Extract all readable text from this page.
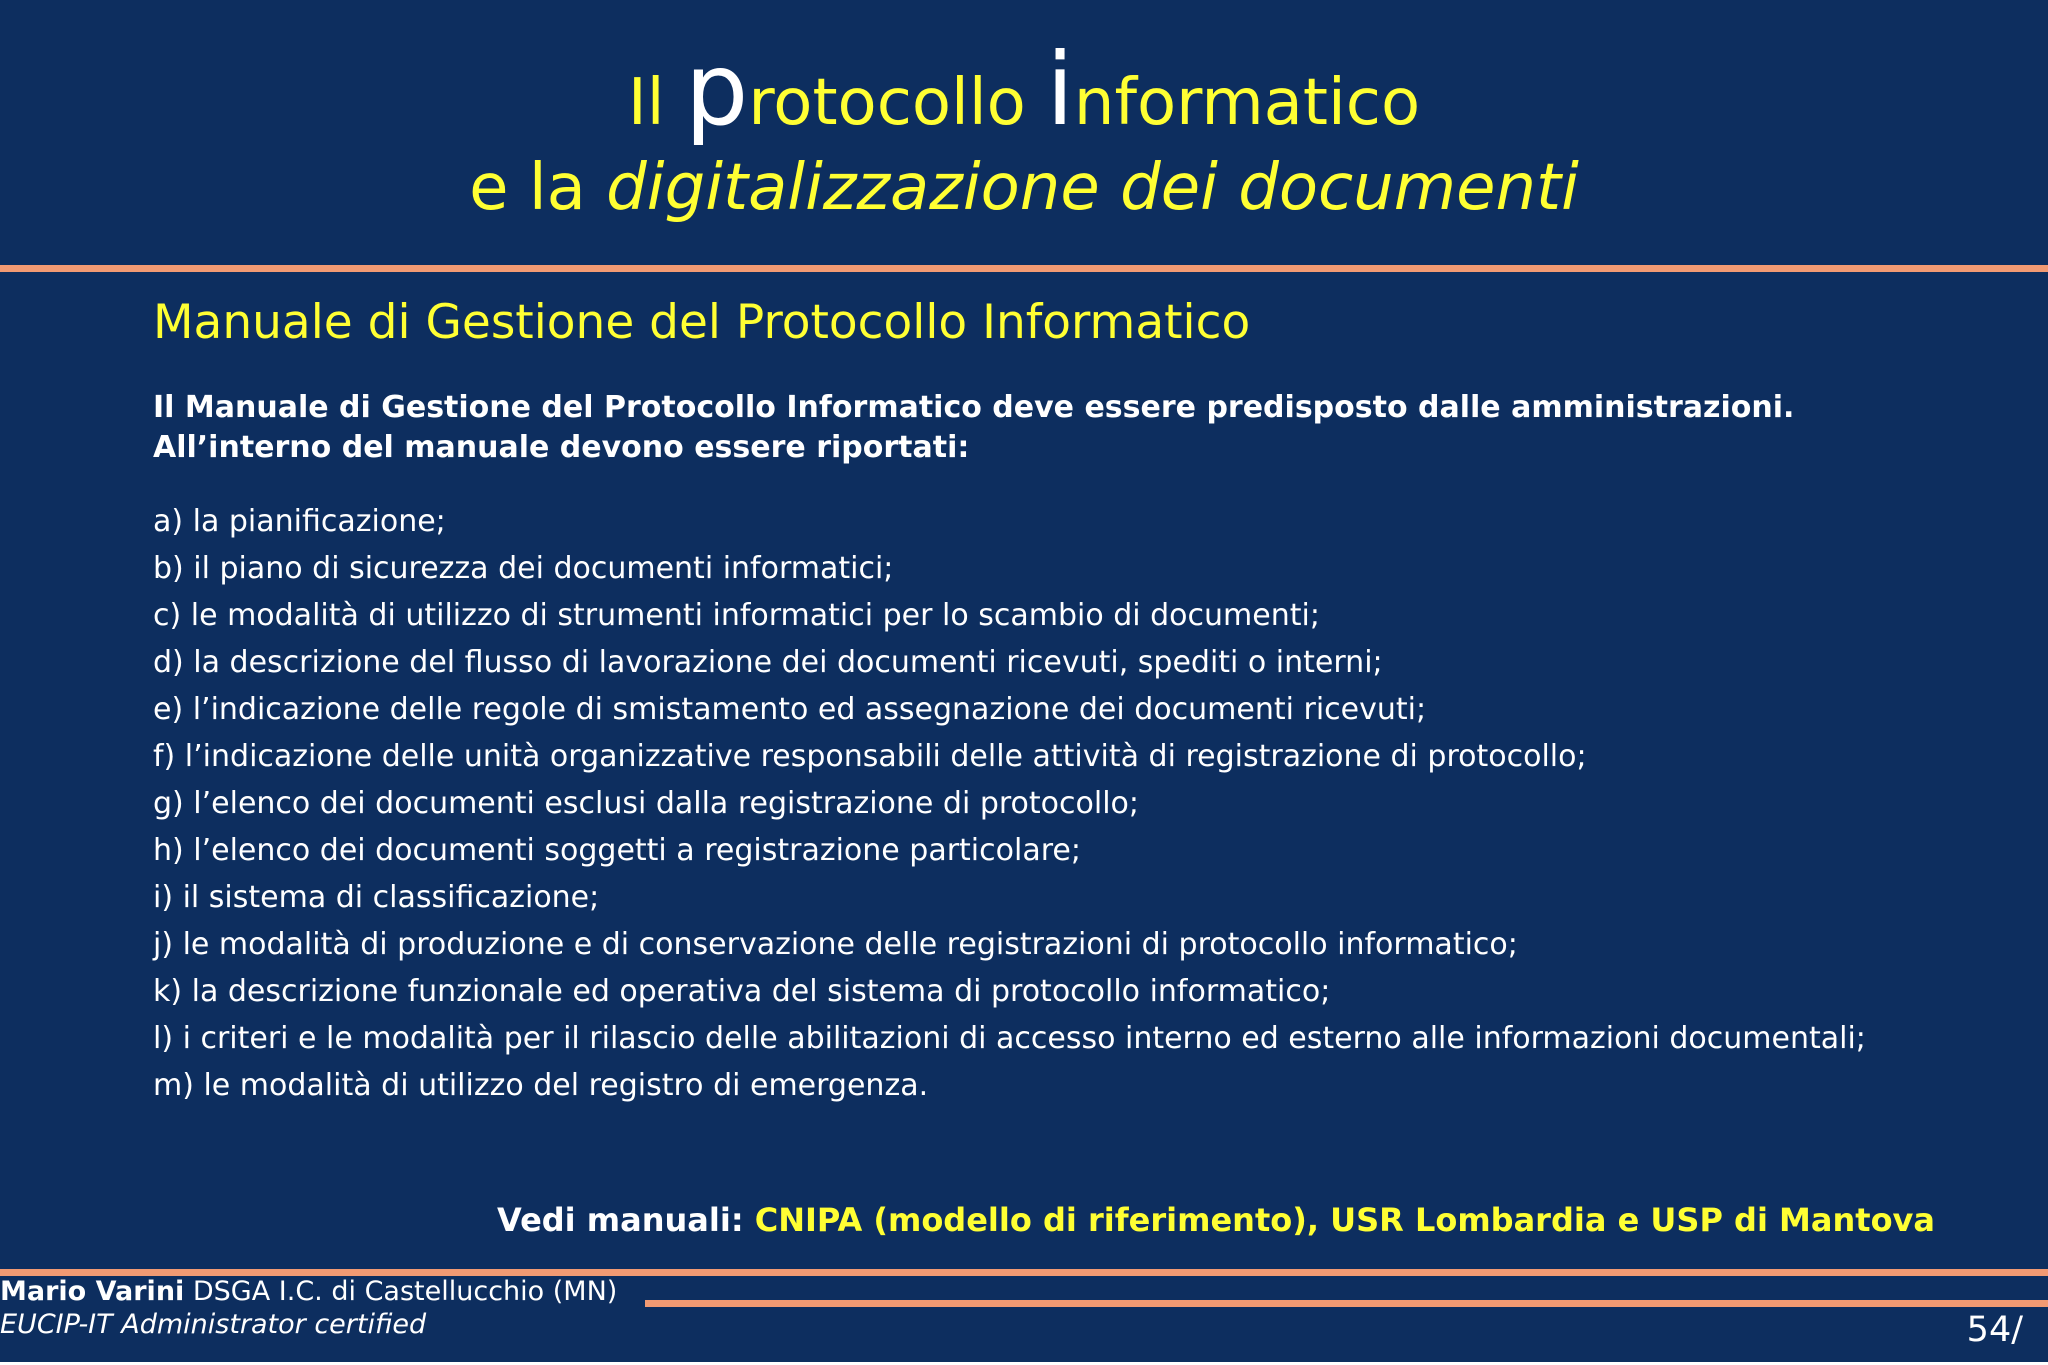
Il protocollo informatico
e la digitalizzazione dei documenti
Manuale di Gestione del Protocollo Informatico
Il Manuale di Gestione del Protocollo Informatico deve essere predisposto dalle amministrazioni.
All’interno del manuale devono essere riportati:
a) la pianificazione;
b) il piano di sicurezza dei documenti informatici;
c) le modalità di utilizzo di strumenti informatici per lo scambio di documenti;
d) la descrizione del flusso di lavorazione dei documenti ricevuti, spediti o interni;
e) l’indicazione delle regole di smistamento ed assegnazione dei documenti ricevuti;
f) l’indicazione delle unità organizzative responsabili delle attività di registrazione di protocollo;
g) l’elenco dei documenti esclusi dalla registrazione di protocollo;
h) l’elenco dei documenti soggetti a registrazione particolare;
i) il sistema di classificazione;
j) le modalità di produzione e di conservazione delle registrazioni di protocollo informatico;
k) la descrizione funzionale ed operativa del sistema di protocollo informatico;
l) i criteri e le modalità per il rilascio delle abilitazioni di accesso interno ed esterno alle informazioni documentali;
m) le modalità di utilizzo del registro di emergenza.
Vedi manuali: CNIPA (modello di riferimento), USR Lombardia e USP di Mantova
Mario Varini DSGA I.C. di Castellucchio (MN)
EUCIP-IT Administrator certified	54/
